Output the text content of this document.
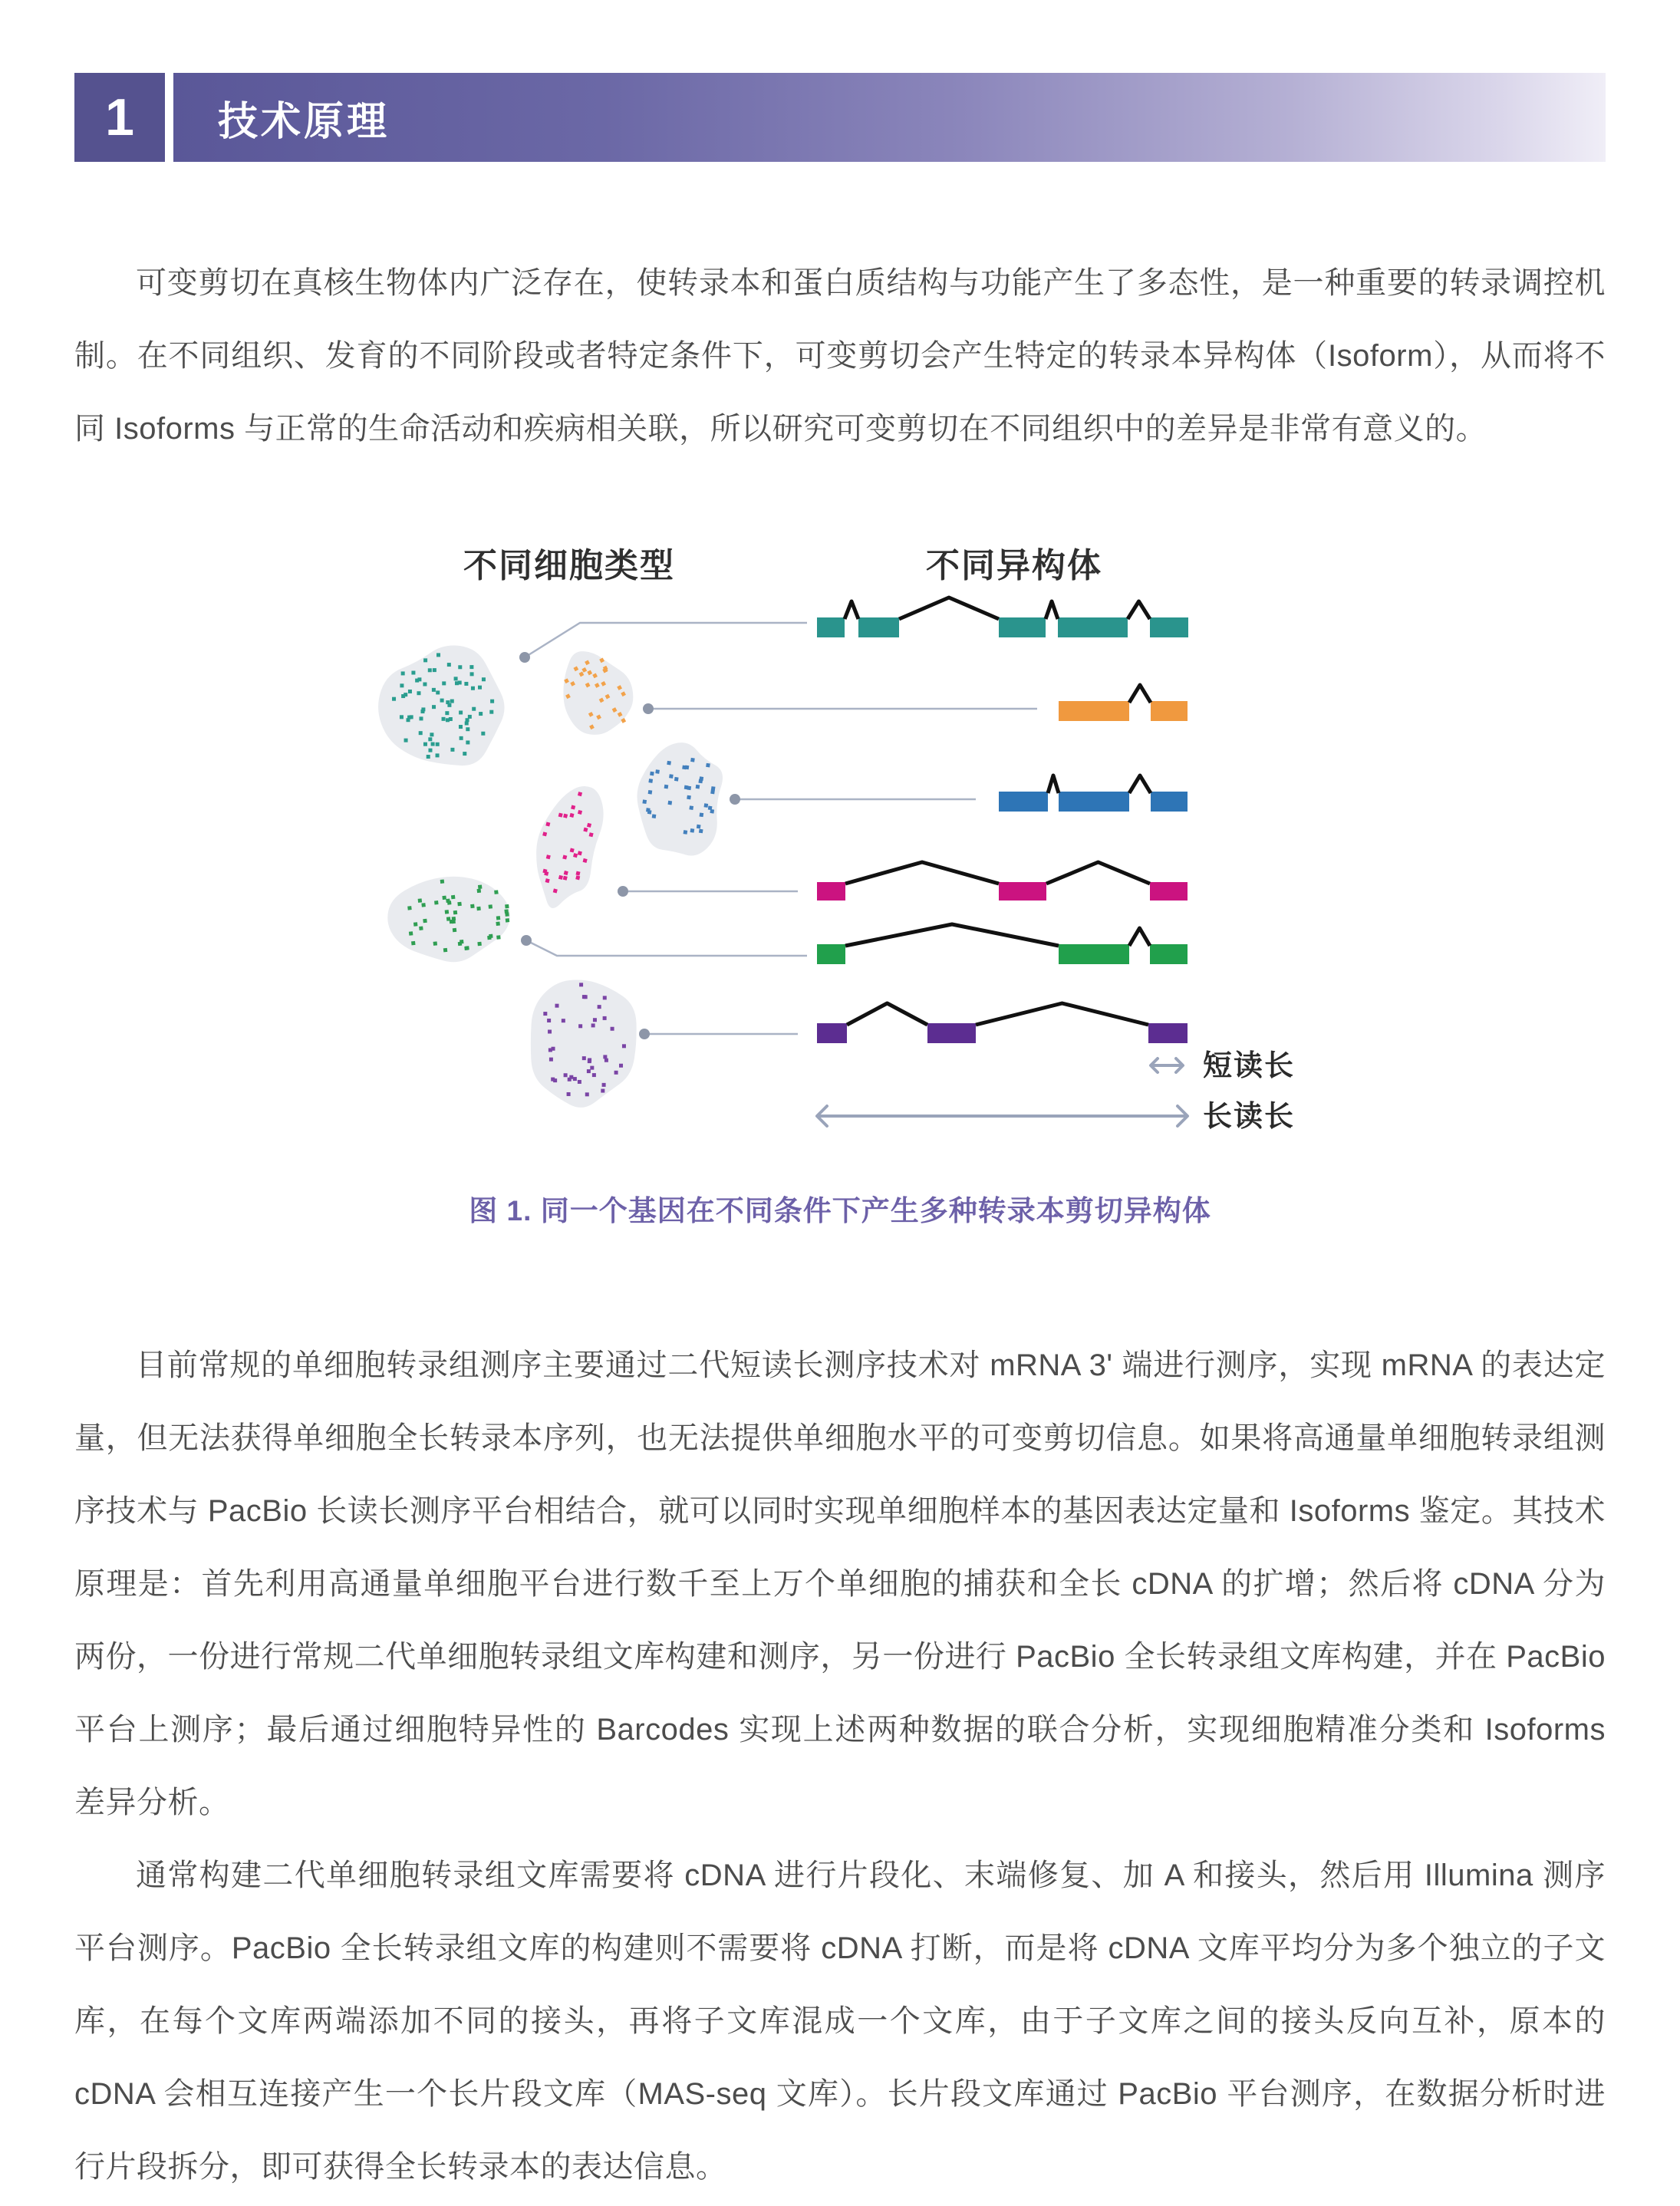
1	技术原理
可变剪切在真核生物体内广泛存在，使转录本和蛋白质结构与功能产生了多态性，是一种重要的转录调控机制。在不同组织、发育的不同阶段或者特定条件下，可变剪切会产生特定的转录本异构体（Isoform），从而将不同 Isoforms 与正常的生命活动和疾病相关联，所以研究可变剪切在不同组织中的差异是非常有意义的。
不同细胞类型	不同异构体
短读长
长读长
图 1. 同一个基因在不同条件下产生多种转录本剪切异构体
目前常规的单细胞转录组测序主要通过二代短读长测序技术对 mRNA 3' 端进行测序，实现 mRNA 的表达定量，但无法获得单细胞全长转录本序列，也无法提供单细胞水平的可变剪切信息。如果将高通量单细胞转录组测序技术与 PacBio 长读长测序平台相结合，就可以同时实现单细胞样本的基因表达定量和 Isoforms 鉴定。其技术原理是：首先利用高通量单细胞平台进行数千至上万个单细胞的捕获和全长 cDNA 的扩增；然后将 cDNA 分为两份，一份进行常规二代单细胞转录组文库构建和测序，另一份进行 PacBio 全长转录组文库构建，并在 PacBio 平台上测序；最后通过细胞特异性的 Barcodes 实现上述两种数据的联合分析，实现细胞精准分类和 Isoforms 差异分析。
通常构建二代单细胞转录组文库需要将 cDNA 进行片段化、末端修复、加 A 和接头，然后用 Illumina 测序平台测序。PacBio 全长转录组文库的构建则不需要将 cDNA 打断，而是将 cDNA 文库平均分为多个独立的子文库，在每个文库两端添加不同的接头，再将子文库混成一个文库，由于子文库之间的接头反向互补，原本的 cDNA 会相互连接产生一个长片段文库（MAS-seq 文库）。长片段文库通过 PacBio 平台测序，在数据分析时进行片段拆分，即可获得全长转录本的表达信息。
